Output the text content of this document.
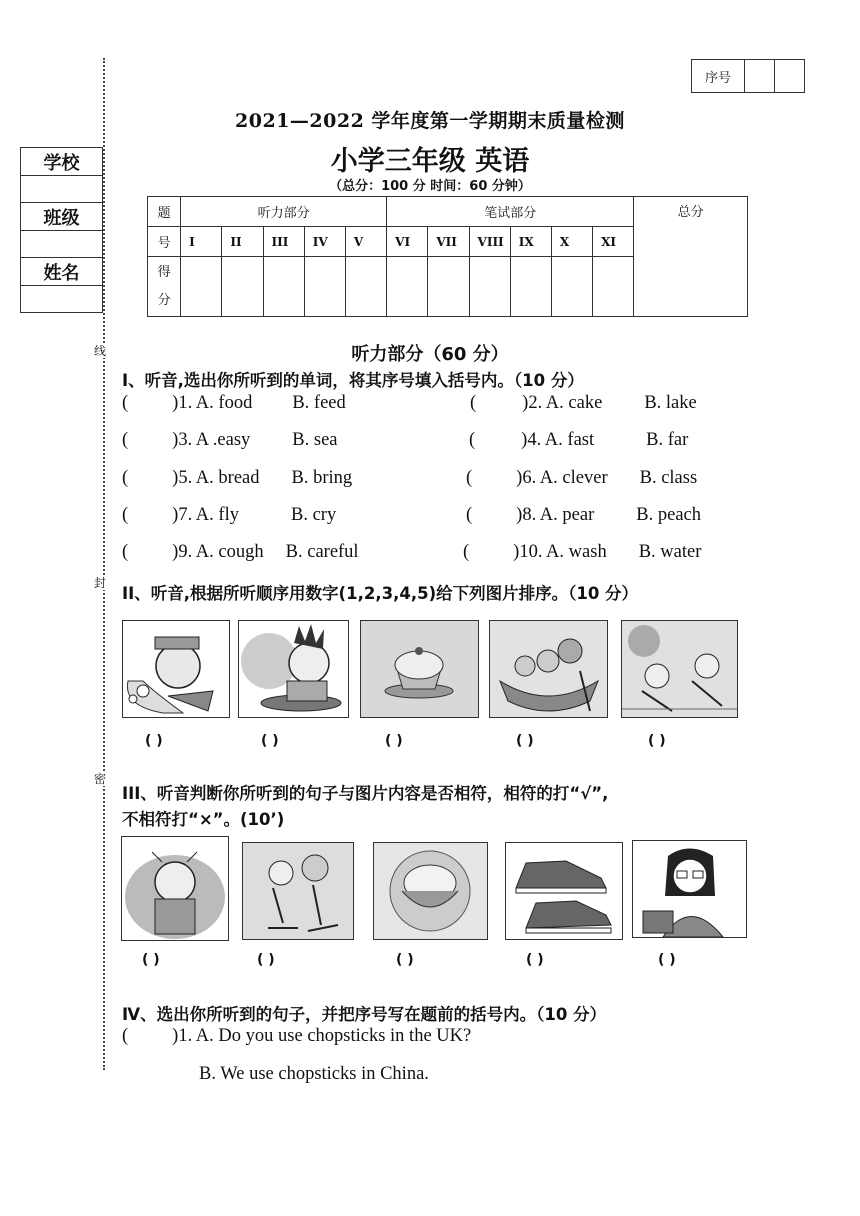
序号
线
封
密
学校
班级
姓名
2021—2022 学年度第一学期期末质量检测
小学三年级 英语
（总分：100 分 时间：60 分钟）
题	听力部分					笔试部分						总分
号	I	II	III	IV	V	VI	VII	VIII	IX	X	XI	

得
分												

听力部分（60 分）
I、听音,选出你所听到的单词，将其序号填入括号内。（10 分）
( )1. A. food B. feed	( )2. A. cake B. lake
( )3. A .easy B. sea	( )4. A. fast	B. far
( )5. A. bread B. bring	( )6. A. clever B. class
( )7. A. fly	B. cry	( )8. A. pear B. peach
( )9. A. cough B. careful	( )10. A. wash B. water
II、听音,根据所听顺序用数字(1,2,3,4,5)给下列图片排序。（10 分）
( )	( )	( )	( )	( )
III、听音判断你所听到的句子与图片内容是否相符，相符的打“√”,
不相符打“×”。(10’)
( )	( )	( )	( )	( )
Ⅳ、选出你所听到的句子，并把序号写在题前的括号内。（10 分）
( )1. A. Do you use chopsticks in the UK?
B. We use chopsticks in China.
